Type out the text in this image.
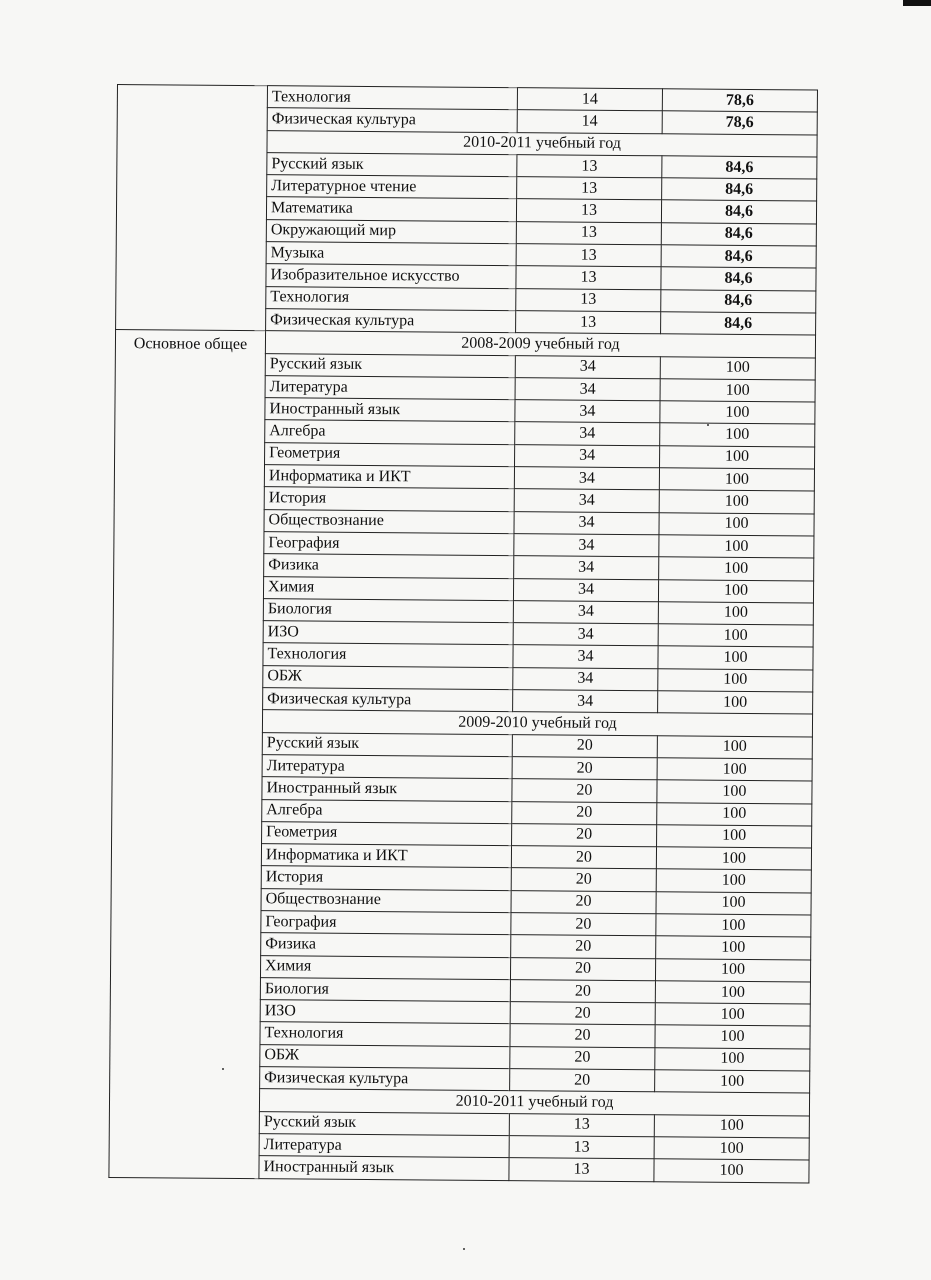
	Технология	14	78,6
	Физическая культура	14	78,6
	2010-2011 учебный год		
	Русский язык	13	84,6
	Литературное чтение	13	84,6
	Математика	13	84,6
	Окружающий мир	13	84,6
	Музыка	13	84,6
	Изобразительное искусство	13	84,6
	Технология	13	84,6
	Физическая культура	13	84,6
Основное общее	2008-2009 учебный год		
	Русский язык	34	100
	Литература	34	100
	Иностранный язык	34	100
	Алгебра	34	100
	Геометрия	34	100
	Информатика и ИКТ	34	100
	История	34	100
	Обществознание	34	100
	География	34	100
	Физика	34	100
	Химия	34	100
	Биология	34	100
	ИЗО	34	100
	Технология	34	100
	ОБЖ	34	100
	Физическая культура	34	100
	2009-2010 учебный год		
	Русский язык	20	100
	Литература	20	100
	Иностранный язык	20	100
	Алгебра	20	100
	Геометрия	20	100
	Информатика и ИКТ	20	100
	История	20	100
	Обществознание	20	100
	География	20	100
	Физика	20	100
	Химия	20	100
	Биология	20	100
	ИЗО	20	100
	Технология	20	100
	ОБЖ	20	100
	Физическая культура	20	100
	2010-2011 учебный год		
	Русский язык	13	100
	Литература	13	100
	Иностранный язык	13	100
